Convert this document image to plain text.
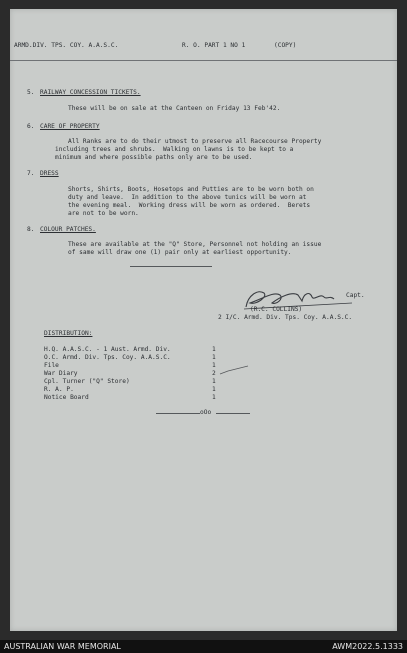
ARMD.DIV. TPS. COY. A.A.S.C.

	R. O. PART 1 NO 1

	(COPY)

5. RAILWAY CONCESSION TICKETS.
These will be on sale at the Canteen on Friday 13 Feb'42.
6. CARE OF PROPERTY
All Ranks are to do their utmost to preserve all Racecourse Property
including trees and shrubs.  Walking on lawns is to be kept to a
minimum and where possible paths only are to be used.
7. DRESS
Shorts, Shirts, Boots, Hosetops and Putties are to be worn both on
duty and leave.  In addition to the above tunics will be worn at
the evening meal.  Working dress will be worn as ordered.  Berets
are not to be worn.
8. COLOUR PATCHES.
These are available at the "Q" Store, Personnel not holding an issue
of same will draw one (1) pair only at earliest opportunity.
Capt.
(R.C. COLLINS)
2 I/C. Armd. Div. Tps. Coy. A.A.S.C.
DISTRIBUTION:
H.Q. A.A.S.C. - 1 Aust. Armd. Div.	1
O.C. Armd. Div. Tps. Coy. A.A.S.C.	1
File	1
War Diary	2
Cpl. Turner ("Q" Store)	1
R. A. P.	1
Notice Board	1
oOo
AUSTRALIAN WAR MEMORIAL	AWM2022.5.1333
